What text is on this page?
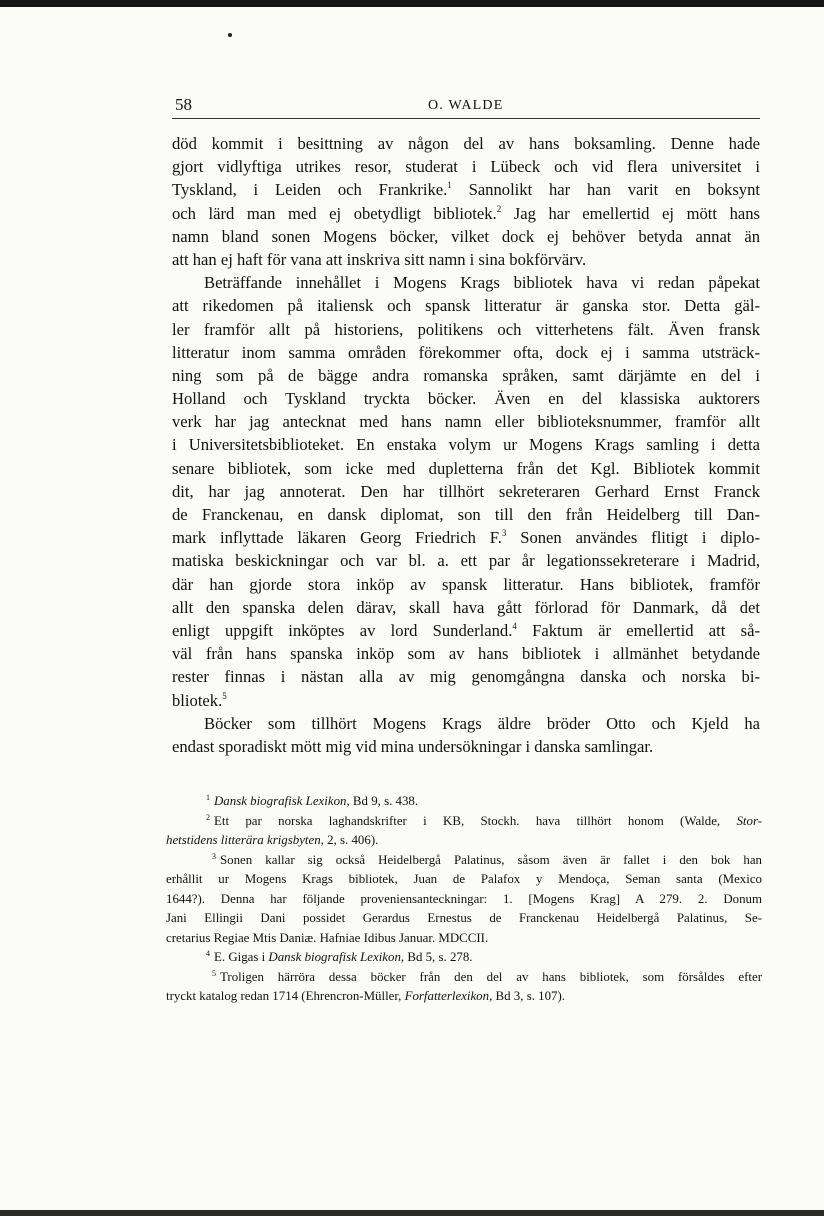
58	O. WALDE
död kommit i besittning av någon del av hans boksamling. Denne hade
gjort vidlyftiga utrikes resor, studerat i Lübeck och vid flera universitet i
Tyskland, i Leiden och Frankrike.$^1$ Sannolikt har han varit en boksynt
och lärd man med ej obetydligt bibliotek.$^2$ Jag har emellertid ej mött hans
namn bland sonen Mogens böcker, vilket dock ej behöver betyda annat än
att han ej haft för vana att inskriva sitt namn i sina bokförvärv.
Beträffande innehållet i Mogens Krags bibliotek hava vi redan påpekat
att rikedomen på italiensk och spansk litteratur är ganska stor. Detta gäl-
ler framför allt på historiens, politikens och vitterhetens fält. Även fransk
litteratur inom samma områden förekommer ofta, dock ej i samma utsträck-
ning som på de bägge andra romanska språken, samt därjämte en del i
Holland och Tyskland tryckta böcker. Även en del klassiska auktorers
verk har jag antecknat med hans namn eller biblioteksnummer, framför allt
i Universitetsbiblioteket. En enstaka volym ur Mogens Krags samling i detta
senare bibliotek, som icke med dupletterna från det Kgl. Bibliotek kommit
dit, har jag annoterat. Den har tillhört sekreteraren Gerhard Ernst Franck
de Franckenau, en dansk diplomat, son till den från Heidelberg till Dan-
mark inflyttade läkaren Georg Friedrich F.$^3$ Sonen användes flitigt i diplo-
matiska beskickningar och var bl. a. ett par år legationssekreterare i Madrid,
där han gjorde stora inköp av spansk litteratur. Hans bibliotek, framför
allt den spanska delen därav, skall hava gått förlorad för Danmark, då det
enligt uppgift inköptes av lord Sunderland.$^4$ Faktum är emellertid att så-
väl från hans spanska inköp som av hans bibliotek i allmänhet betydande
rester finnas i nästan alla av mig genomgångna danska och norska bi-
bliotek.$^5$
Böcker som tillhört Mogens Krags äldre bröder Otto och Kjeld ha
endast sporadiskt mött mig vid mina undersökningar i danska samlingar.
$^1$ Dansk biografisk Lexikon, Bd 9, s. 438.
$^2$ Ett par norska laghandskrifter i KB, Stockh. hava tillhört honom (Walde, Stor-
hetstidens litterära krigsbyten, 2, s. 406).
$^3$ Sonen kallar sig också Heidelbergå Palatinus, såsom även är fallet i den bok han
erhållit ur Mogens Krags bibliotek, Juan de Palafox y Mendoça, Seman santa (Mexico
1644?). Denna har följande proveniensanteckningar: 1. [Mogens Krag] A 279. 2. Donum
Jani Ellingii Dani possidet Gerardus Ernestus de Franckenau Heidelbergå Palatinus, Se-
cretarius Regiae Mtis Daniæ. Hafniae Idibus Januar. MDCCII.
$^4$ E. Gigas i Dansk biografisk Lexikon, Bd 5, s. 278.
$^5$ Troligen härröra dessa böcker från den del av hans bibliotek, som försåldes efter
tryckt katalog redan 1714 (Ehrencron-Müller, Forfatterlexikon, Bd 3, s. 107).
